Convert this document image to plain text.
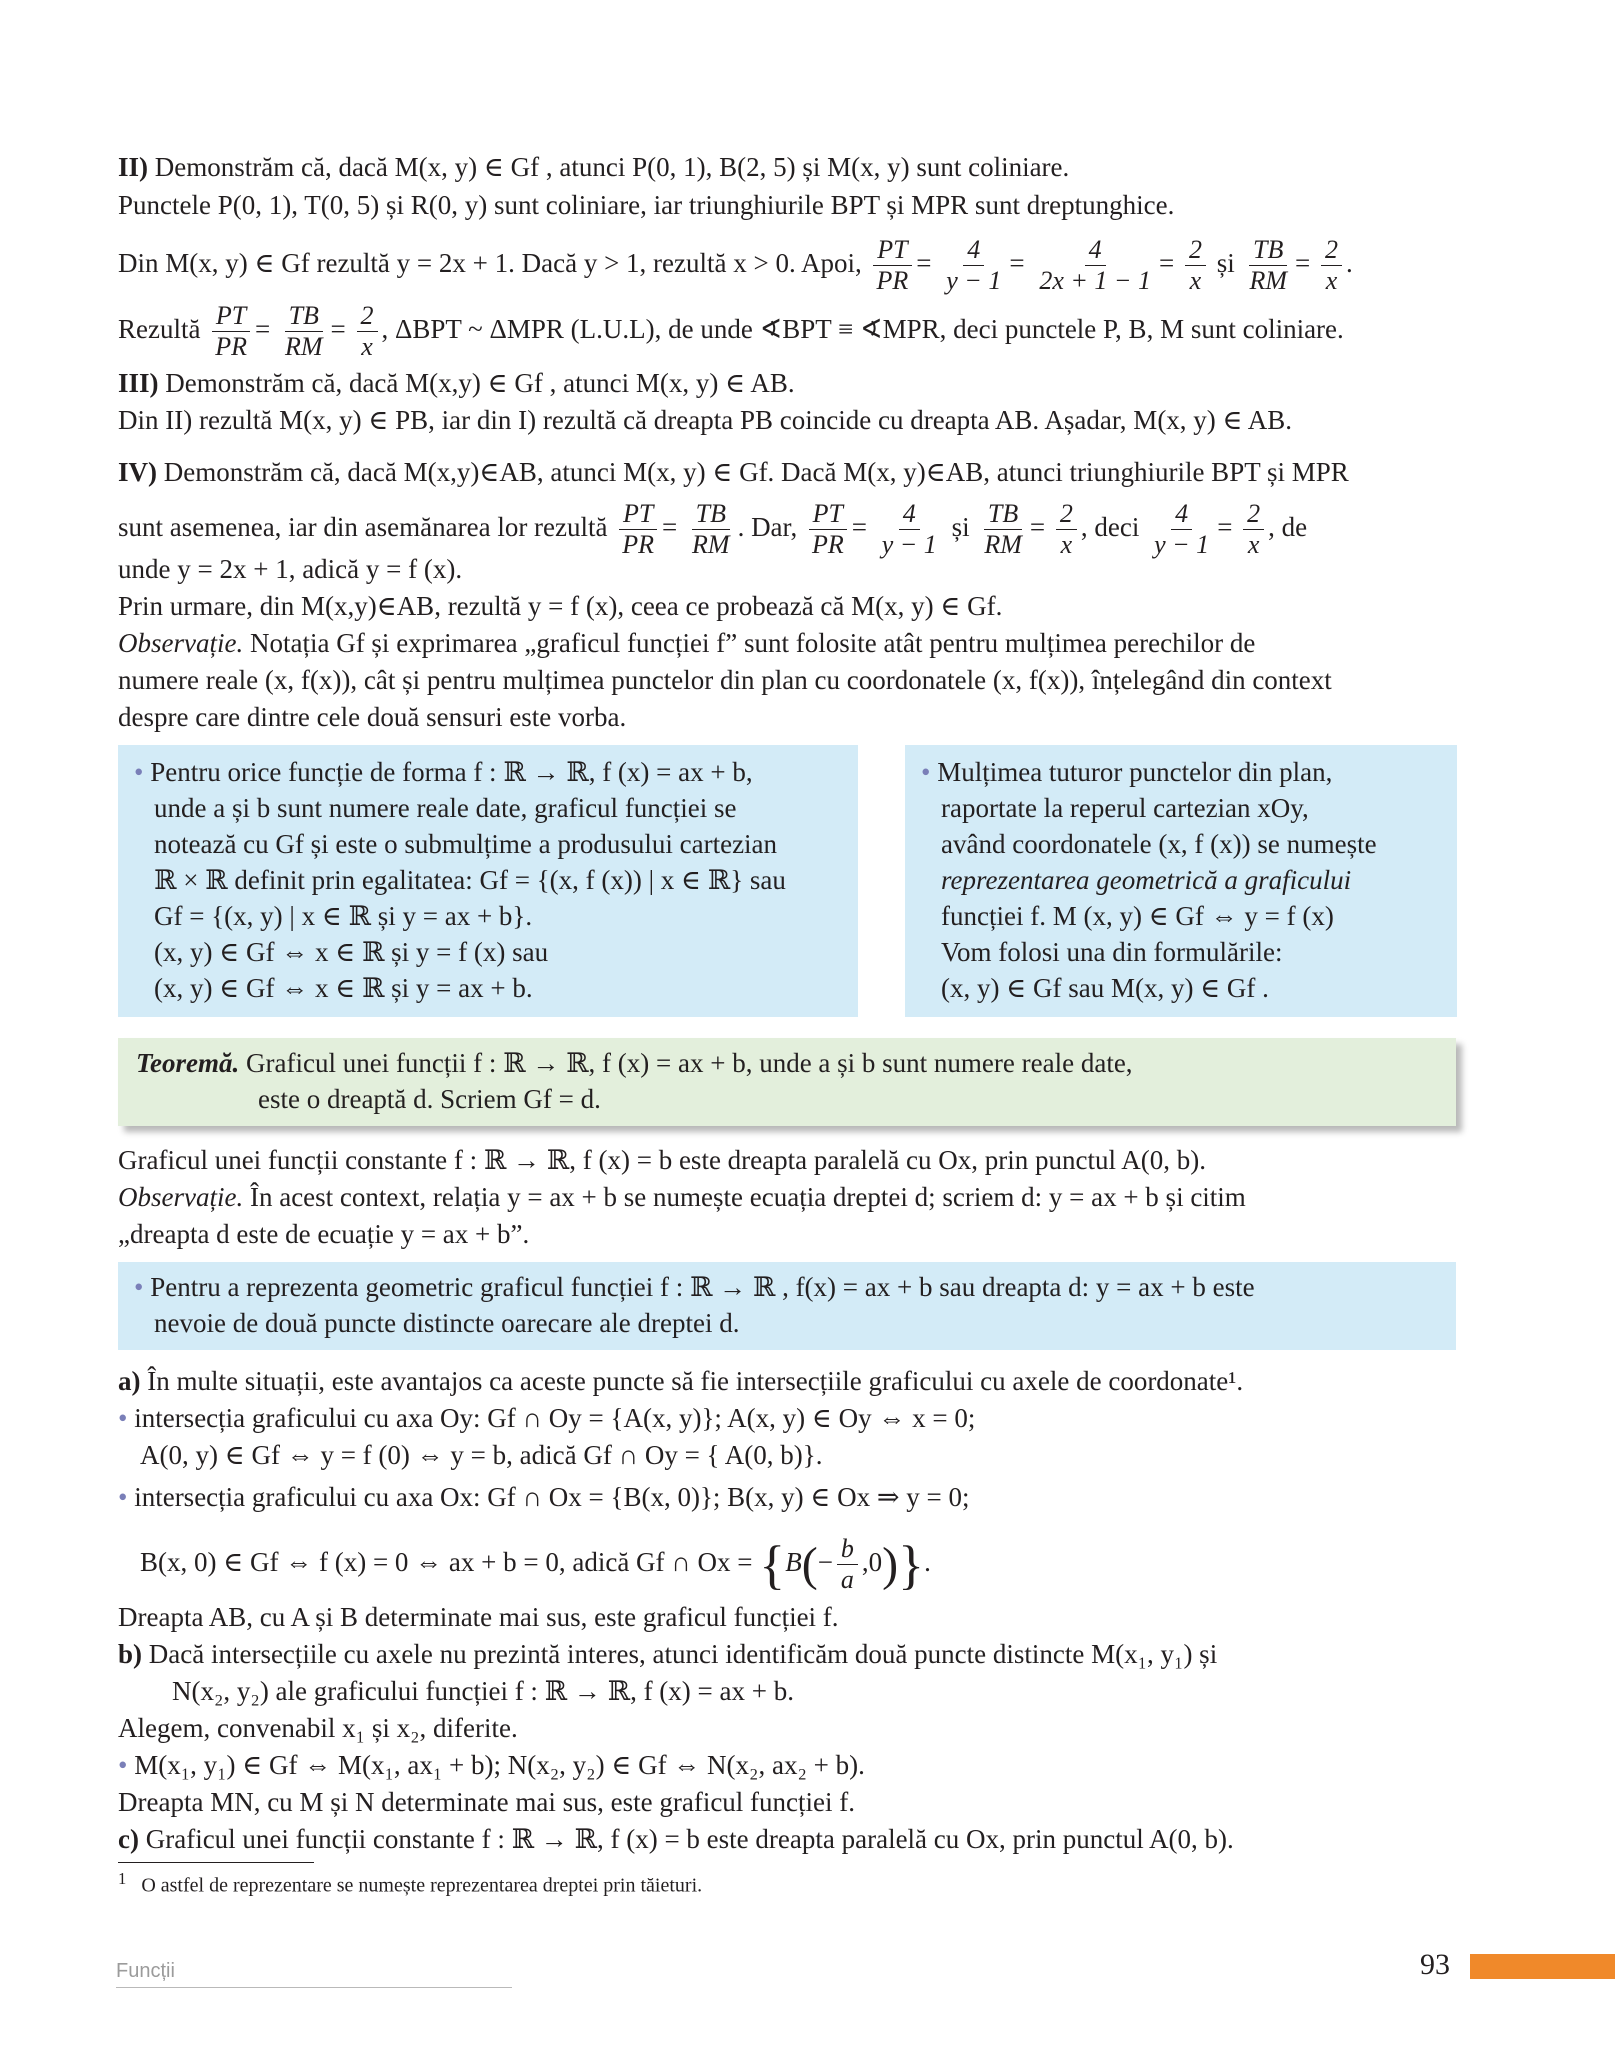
II) Demonstrăm că, dacă M(x, y) ∈ Gf , atunci P(0, 1), B(2, 5) și M(x, y) sunt coliniare.
Punctele P(0, 1), T(0, 5) și R(0, y) sunt coliniare, iar triunghiurile BPT și MPR sunt dreptunghice.
Din M(x, y) ∈ Gf rezultă y = 2x + 1. Dacă y > 1, rezultă x > 0. Apoi, $\frac{PT}{PR} = \frac{4}{y - 1} = \frac{4}{2x + 1 - 1} = \frac{2}{x}$ și $\frac{TB}{RM} = \frac{2}{x}$ .
Rezultă $\frac{PT}{PR} = \frac{TB}{RM} = \frac{2}{x}$ , ΔBPT ~ ΔMPR (L.U.L), de unde ∢BPT ≡ ∢MPR, deci punctele P, B, M sunt coliniare.
III) Demonstrăm că, dacă M(x,y) ∈ Gf , atunci M(x, y) ∈ AB.
Din II) rezultă M(x, y) ∈ PB, iar din I) rezultă că dreapta PB coincide cu dreapta AB. Așadar, M(x, y) ∈ AB.
IV) Demonstrăm că, dacă M(x,y)∈AB, atunci M(x, y) ∈ Gf. Dacă M(x, y)∈AB, atunci triunghiurile BPT și MPR
sunt asemenea, iar din asemănarea lor rezultă $\frac{PT}{PR} = \frac{TB}{RM}$ . Dar, $\frac{PT}{PR} = \frac{4}{y - 1}$ și $\frac{TB}{RM} = \frac{2}{x}$ , deci $\frac{4}{y - 1} = \frac{2}{x}$ , de
unde y = 2x + 1, adică y = f (x).
Prin urmare, din M(x,y)∈AB, rezultă y = f (x), ceea ce probează că M(x, y) ∈ Gf.
Observație. Notația Gf și exprimarea „graficul funcției f” sunt folosite atât pentru mulțimea perechilor de
numere reale (x, f(x)), cât și pentru mulțimea punctelor din plan cu coordonatele (x, f(x)), înțelegând din context
despre care dintre cele două sensuri este vorba.
• Pentru orice funcție de forma f : ℝ → ℝ, f (x) = ax + b,
unde a și b sunt numere reale date, graficul funcției se
notează cu Gf și este o submulțime a produsului cartezian
ℝ × ℝ definit prin egalitatea: Gf = {(x, f (x)) | x ∈ ℝ} sau
Gf = {(x, y) | x ∈ ℝ și y = ax + b}.
(x, y) ∈ Gf ⇔ x ∈ ℝ și y = f (x) sau
(x, y) ∈ Gf ⇔ x ∈ ℝ și y = ax + b.
• Mulțimea tuturor punctelor din plan,
raportate la reperul cartezian xOy,
având coordonatele (x, f (x)) se numește
reprezentarea geometrică a graficului
funcției f. M (x, y) ∈ Gf ⇔ y = f (x)
Vom folosi una din formulările:
(x, y) ∈ Gf sau M(x, y) ∈ Gf .
Teoremă. Graficul unei funcții f : ℝ → ℝ, f (x) = ax + b, unde a și b sunt numere reale date,
este o dreaptă d. Scriem Gf = d.
Graficul unei funcții constante f : ℝ → ℝ, f (x) = b este dreapta paralelă cu Ox, prin punctul A(0, b).
Observație. În acest context, relația y = ax + b se numește ecuația dreptei d; scriem d: y = ax + b și citim
„dreapta d este de ecuație y = ax + b”.
• Pentru a reprezenta geometric graficul funcției f : ℝ → ℝ , f(x) = ax + b sau dreapta d: y = ax + b este
nevoie de două puncte distincte oarecare ale dreptei d.
a) În multe situații, este avantajos ca aceste puncte să fie intersecțiile graficului cu axele de coordonate¹.
• intersecția graficului cu axa Oy: Gf ∩ Oy = {A(x, y)}; A(x, y) ∈ Oy ⇔ x = 0;
A(0, y) ∈ Gf ⇔ y = f (0) ⇔ y = b, adică Gf ∩ Oy = { A(0, b)}.
• intersecția graficului cu axa Ox: Gf ∩ Ox = {B(x, 0)}; B(x, y) ∈ Ox ⇒ y = 0;
B(x, 0) ∈ Gf ⇔ f (x) = 0 ⇔ ax + b = 0, adică Gf ∩ $Ox = \{B(- \frac{b}{a} ,0)\}$.
Dreapta AB, cu A și B determinate mai sus, este graficul funcției f.
b) Dacă intersecțiile cu axele nu prezintă interes, atunci identificăm două puncte distincte M(x₁, y₁) și
N(x₂, y₂) ale graficului funcției f : ℝ → ℝ, f (x) = ax + b.
Alegem, convenabil x₁ și x₂, diferite.
• M(x₁, y₁) ∈ Gf ⇔ M(x₁, ax₁ + b); N(x₂, y₂) ∈ Gf ⇔ N(x₂, ax₂ + b).
Dreapta MN, cu M și N determinate mai sus, este graficul funcției f.
c) Graficul unei funcții constante f : ℝ → ℝ, f (x) = b este dreapta paralelă cu Ox, prin punctul A(0, b).
$^1$ O astfel de reprezentare se numește reprezentarea dreptei prin tăieturi.
Funcții	93
